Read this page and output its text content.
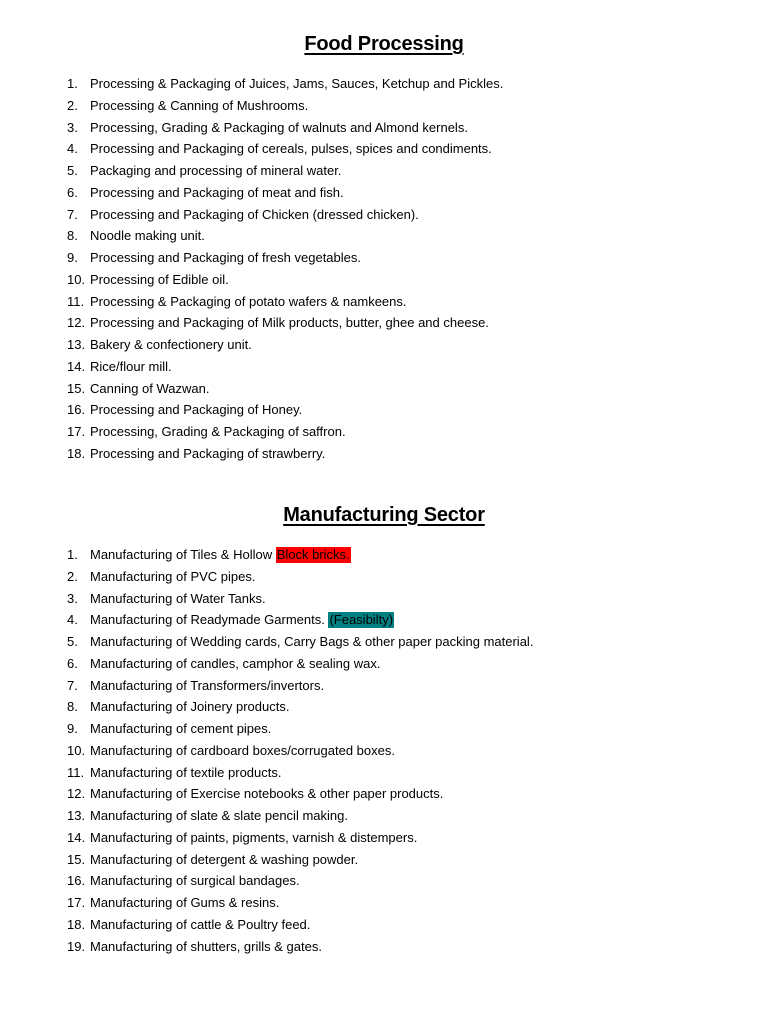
Food Processing
1. Processing & Packaging of Juices, Jams, Sauces, Ketchup and Pickles.
2. Processing & Canning of Mushrooms.
3. Processing, Grading & Packaging of walnuts and Almond kernels.
4. Processing and Packaging of cereals, pulses, spices and condiments.
5. Packaging and processing of mineral water.
6. Processing and Packaging of meat and fish.
7. Processing and Packaging of Chicken (dressed chicken).
8. Noodle making unit.
9. Processing and Packaging of fresh vegetables.
10. Processing of Edible oil.
11. Processing & Packaging of potato wafers & namkeens.
12. Processing and Packaging of Milk products, butter, ghee and cheese.
13. Bakery & confectionery unit.
14. Rice/flour mill.
15. Canning of Wazwan.
16. Processing and Packaging of Honey.
17. Processing, Grading & Packaging of saffron.
18. Processing and Packaging of strawberry.
Manufacturing Sector
1. Manufacturing of Tiles & Hollow Block bricks.
2. Manufacturing of PVC pipes.
3. Manufacturing of Water Tanks.
4. Manufacturing of Readymade Garments. (Feasibilty)
5. Manufacturing of Wedding cards, Carry Bags & other paper packing material.
6. Manufacturing of candles, camphor & sealing wax.
7. Manufacturing of Transformers/invertors.
8. Manufacturing of Joinery products.
9. Manufacturing of cement pipes.
10. Manufacturing of cardboard boxes/corrugated boxes.
11. Manufacturing of textile products.
12. Manufacturing of Exercise notebooks & other paper products.
13. Manufacturing of slate & slate pencil making.
14. Manufacturing of paints, pigments, varnish & distempers.
15. Manufacturing of detergent & washing powder.
16. Manufacturing of surgical bandages.
17. Manufacturing of Gums & resins.
18. Manufacturing of cattle & Poultry feed.
19. Manufacturing of shutters, grills & gates.
